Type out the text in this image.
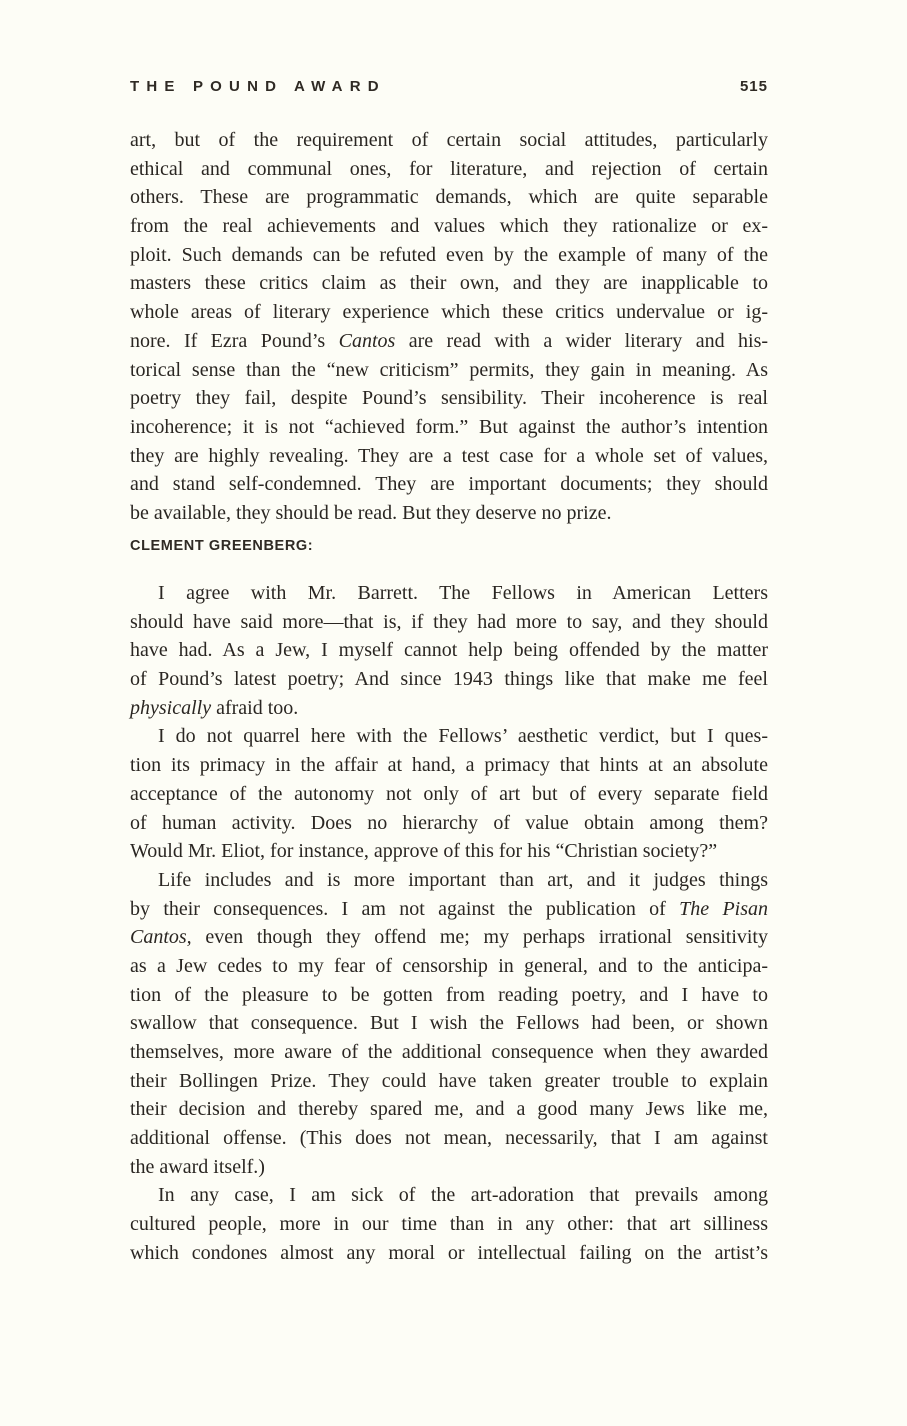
THE POUND AWARD	515
art, but of the requirement of certain social attitudes, particularly
ethical and communal ones, for literature, and rejection of certain
others. These are programmatic demands, which are quite separable
from the real achievements and values which they rationalize or ex-
ploit. Such demands can be refuted even by the example of many of the
masters these critics claim as their own, and they are inapplicable to
whole areas of literary experience which these critics undervalue or ig-
nore. If Ezra Pound’s Cantos are read with a wider literary and his-
torical sense than the “new criticism” permits, they gain in meaning. As
poetry they fail, despite Pound’s sensibility. Their incoherence is real
incoherence; it is not “achieved form.” But against the author’s intention
they are highly revealing. They are a test case for a whole set of values,
and stand self-condemned. They are important documents; they should
be available, they should be read. But they deserve no prize.
CLEMENT GREENBERG:
I agree with Mr. Barrett. The Fellows in American Letters
should have said more—that is, if they had more to say, and they should
have had. As a Jew, I myself cannot help being offended by the matter
of Pound’s latest poetry; And since 1943 things like that make me feel
physically afraid too.
I do not quarrel here with the Fellows’ aesthetic verdict, but I ques-
tion its primacy in the affair at hand, a primacy that hints at an absolute
acceptance of the autonomy not only of art but of every separate field
of human activity. Does no hierarchy of value obtain among them?
Would Mr. Eliot, for instance, approve of this for his “Christian society?”
Life includes and is more important than art, and it judges things
by their consequences. I am not against the publication of The Pisan
Cantos, even though they offend me; my perhaps irrational sensitivity
as a Jew cedes to my fear of censorship in general, and to the anticipa-
tion of the pleasure to be gotten from reading poetry, and I have to
swallow that consequence. But I wish the Fellows had been, or shown
themselves, more aware of the additional consequence when they awarded
their Bollingen Prize. They could have taken greater trouble to explain
their decision and thereby spared me, and a good many Jews like me,
additional offense. (This does not mean, necessarily, that I am against
the award itself.)
In any case, I am sick of the art-adoration that prevails among
cultured people, more in our time than in any other: that art silliness
which condones almost any moral or intellectual failing on the artist’s
